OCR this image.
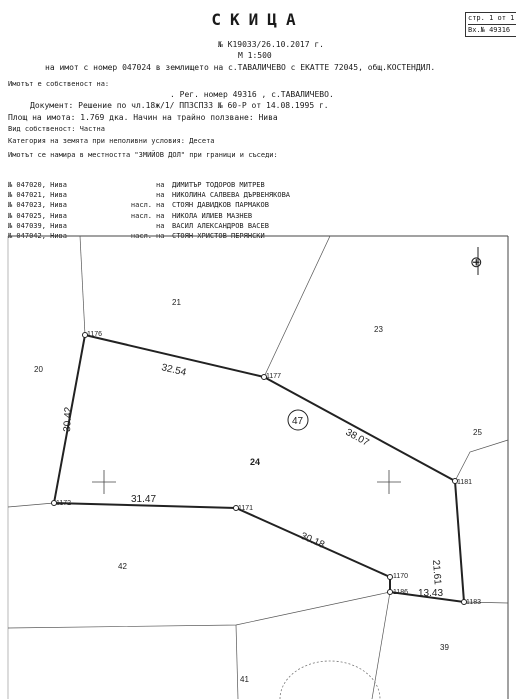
СКИЦА	стр. 1 от 1
Вх.№ 49316
№ К19033/26.10.2017 г.
М 1:500
на имот с номер 047024 в землището на с.ТАВАЛИЧЕВО с ЕКАТТЕ 72045, общ.КОСТЕНДИЛ.
Имотът е собственост на:
. Рег. номер 49316 , с.ТАВАЛИЧЕВО.
Документ: Решение по чл.18ж/1/ ППЗСПЗЗ № 60-Р от 14.08.1995 г.
Площ на имота: 1.769 дка. Начин на трайно ползване: Нива
Вид собственост: Частна
Категория на земята при неполивни условия: Десета
Имотът се намира в местността "ЗМИЙОВ ДОЛ" при граници и съседи:
№ 047020, Нива	на	ДИМИТЪР ТОДОРОВ МИТРЕВ
№ 047021, Нива	на	НИКОЛИНА САЛВЕВА ДЪРВЕНЯКОВА
№ 047023, Нива	насл. на	СТОЯН ДАВИДКОВ ПАРМАКОВ
№ 047025, Нива	насл. на	НИКОЛА ИЛИЕВ МАЗНЕВ
№ 047039, Нива	на	ВАСИЛ АЛЕКСАНДРОВ ВАСЕВ
№ 047042, Нива	насл. на	СТОЯН ХРИСТОВ ПЕРЯНСКИ
1176
1177
1181
1183
1186
1170
1171
1172
32.54
38.07
21.61
13.43
30.18
31.47
30.42
24
47
21
23
20
25
42
39
41
⊕
